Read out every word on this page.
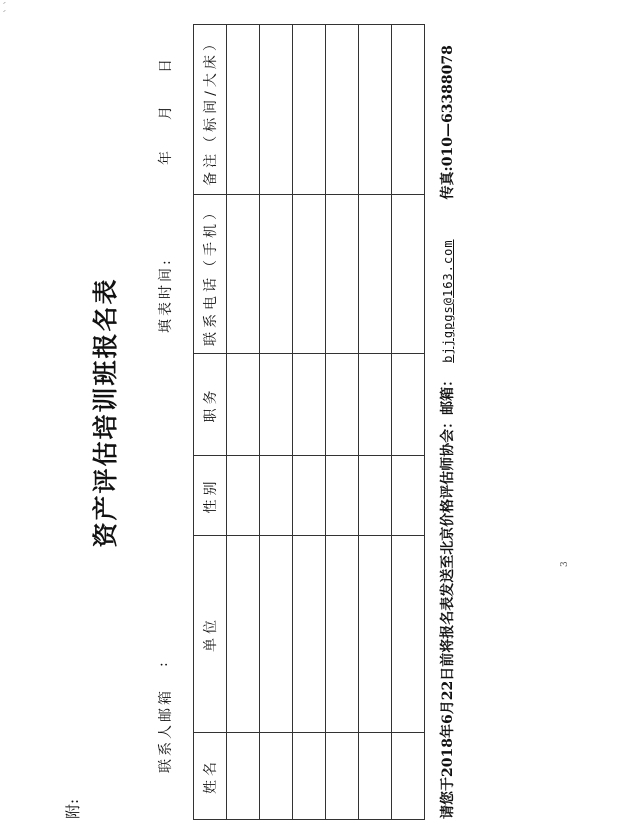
附:
资产评估培训班报名表
联系人邮箱
:
填表时间:
年
月
日
姓名	单位	性别	职务	联系电话（手机）	备注（标间/大床）

请您于2018年6月22日前将报名表发送至北京价格评估师协会：邮箱：bjjgpgs@163.com传真:010—63388078
3
` `
